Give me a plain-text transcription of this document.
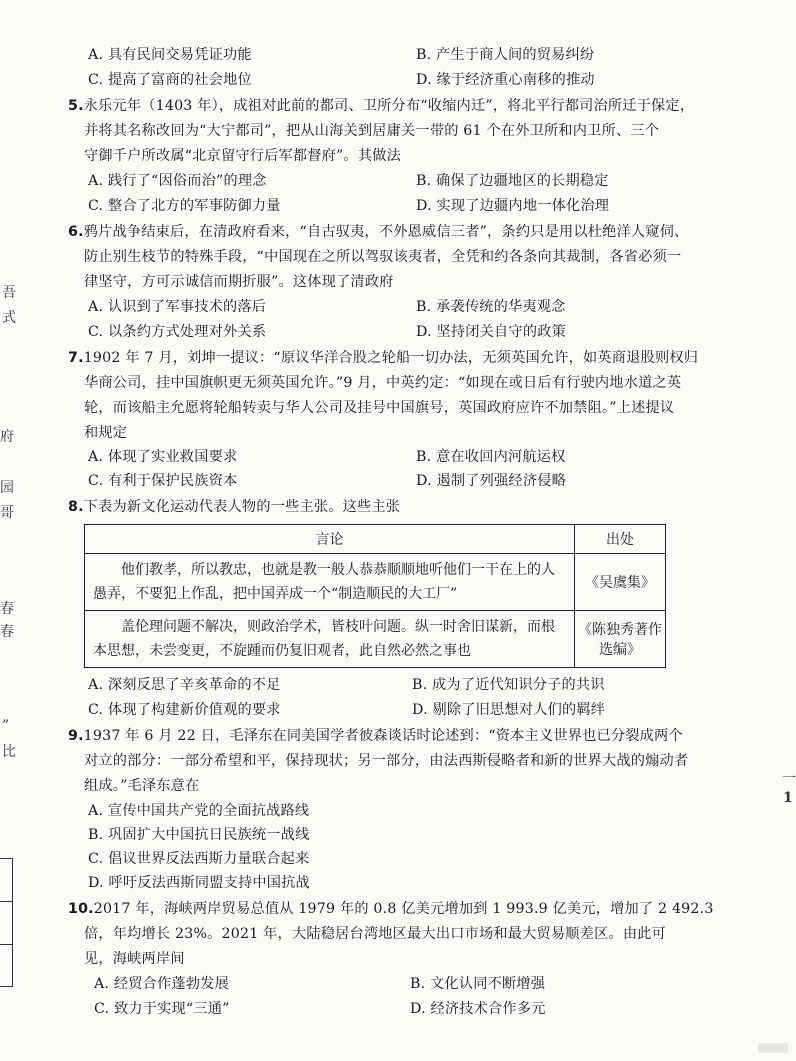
A. 具有民间交易凭证功能	B. 产生于商人间的贸易纠纷
C. 提高了富商的社会地位	D. 缘于经济重心南移的推动
5.永乐元年（1403 年），成祖对此前的都司、卫所分布“收缩内迁”，将北平行都司治所迁于保定，
并将其名称改回为“大宁都司”，把从山海关到居庸关一带的 61 个在外卫所和内卫所、三个
守御千户所改属“北京留守行后军都督府”。其做法
A. 践行了“因俗而治”的理念	B. 确保了边疆地区的长期稳定
C. 整合了北方的军事防御力量	D. 实现了边疆内地一体化治理
6.鸦片战争结束后，在清政府看来，“自古驭夷，不外恩威信三者”，条约只是用以杜绝洋人窥伺、
防止别生枝节的特殊手段，“中国现在之所以驾驭该夷者，全凭和约各条向其裁制，各省必须一
律坚守，方可示诚信而期折服”。这体现了清政府
A. 认识到了军事技术的落后	B. 承袭传统的华夷观念
C. 以条约方式处理对外关系	D. 坚持闭关自守的政策
7.1902 年 7 月，刘坤一提议：“原议华洋合股之轮船一切办法，无须英国允许，如英商退股则权归
华商公司，挂中国旗帜更无须英国允许。”9 月，中英约定：“如现在或日后有行驶内地水道之英
轮，而该船主允愿将轮船转卖与华人公司及挂号中国旗号，英国政府应许不加禁阻。”上述提议
和规定
A. 体现了实业救国要求	B. 意在收回内河航运权
C. 有利于保护民族资本	D. 遏制了列强经济侵略
8.下表为新文化运动代表人物的一些主张。这些主张
言论	出处
他们教孝，所以教忠，也就是教一般人恭恭顺顺地听他们一干在上的人愚弄，不要犯上作乱，把中国弄成一个“制造顺民的大工厂”	《吴虞集》
盖伦理问题不解决，则政治学术，皆枝叶问题。纵一时舍旧谋新，而根本思想，未尝变更，不旋踵而仍复旧观者，此自然必然之事也	《陈独秀著作选编》
A. 深刻反思了辛亥革命的不足	B. 成为了近代知识分子的共识
C. 体现了构建新价值观的要求	D. 剔除了旧思想对人们的羁绊
9.1937 年 6 月 22 日，毛泽东在同美国学者彼森谈话时论述到：“资本主义世界也已分裂成两个
对立的部分：一部分希望和平，保持现状；另一部分，由法西斯侵略者和新的世界大战的煽动者
组成。”毛泽东意在
A. 宣传中国共产党的全面抗战路线
B. 巩固扩大中国抗日民族统一战线
C. 倡议世界反法西斯力量联合起来
D. 呼吁反法西斯同盟支持中国抗战
10.2017 年，海峡两岸贸易总值从 1979 年的 0.8 亿美元增加到 1 993.9 亿美元，增加了 2 492.3
倍，年均增长 23%。2021 年，大陆稳居台湾地区最大出口市场和最大贸易顺差区。由此可
见，海峡两岸间
A. 经贸合作蓬勃发展	B. 文化认同不断增强
C. 致力于实现“三通”	D. 经济技术合作多元
吾
式
府
园
哥
春
春
”
比
一
1
